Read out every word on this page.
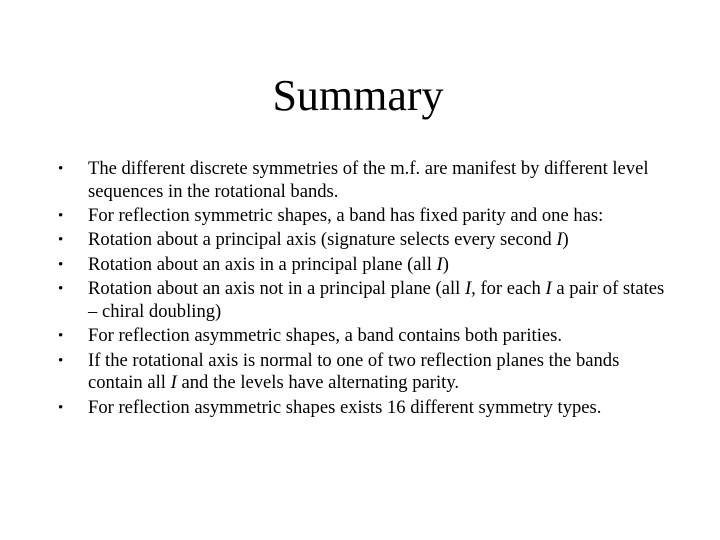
Summary
• The different discrete symmetries of the m.f. are manifest by different level sequences in the rotational bands.
• For reflection symmetric shapes, a band has fixed parity and one has:
• Rotation about a principal axis (signature selects every second I)
• Rotation about an axis in a principal plane (all I)
• Rotation about an axis not in a principal plane (all I, for each I a pair of states – chiral doubling)
• For reflection asymmetric shapes, a band contains both parities.
• If the rotational axis is normal to one of two reflection planes the bands contain all I and the levels have alternating parity.
• For reflection asymmetric shapes exists 16 different symmetry types.
